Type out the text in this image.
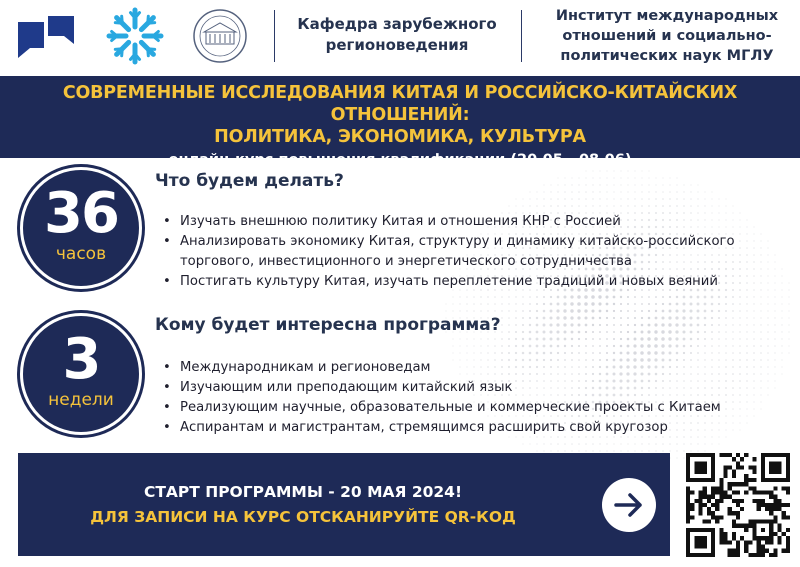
Кафедра зарубежного
регионоведения
Институт международных
отношений и социально-
политических наук МГЛУ
СОВРЕМЕННЫЕ ИССЛЕДОВАНИЯ КИТАЯ И РОССИЙСКО-КИТАЙСКИХ ОТНОШЕНИЙ:
ПОЛИТИКА, ЭКОНОМИКА, КУЛЬТУРА
онлайн-курс повышения квалификации (20.05 - 08.06)
36
часов
3
недели
Что будем делать?
• Изучать внешнюю политику Китая и отношения КНР с Россией
• Анализировать экономику Китая, структуру и динамику китайско-российского торгового, инвестиционного и энергетического сотрудничества
• Постигать культуру Китая, изучать переплетение традиций и новых веяний
Кому будет интересна программа?
• Международникам и регионоведам
• Изучающим или преподающим китайский язык
• Реализующим научные, образовательные и коммерческие проекты с Китаем
• Аспирантам и магистрантам, стремящимся расширить свой кругозор
СТАРТ ПРОГРАММЫ - 20 МАЯ 2024!
ДЛЯ ЗАПИСИ НА КУРС ОТСКАНИРУЙТЕ QR-КОД
